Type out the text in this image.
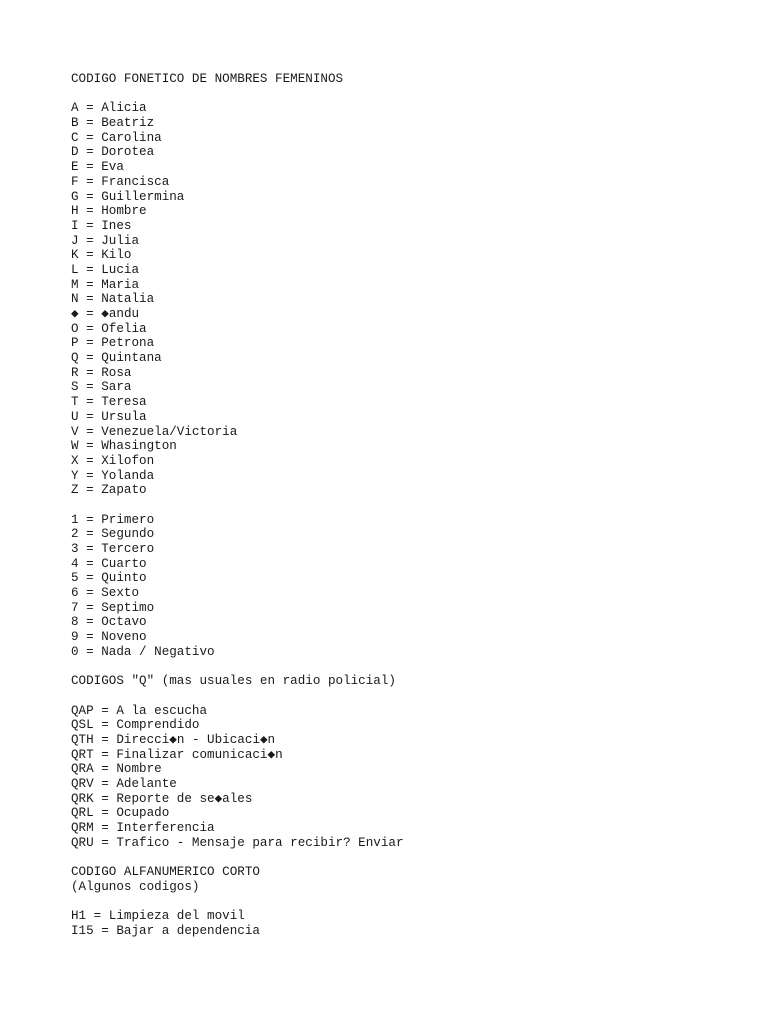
CODIGO FONETICO DE NOMBRES FEMENINOS
A = Alicia
B = Beatriz
C = Carolina
D = Dorotea
E = Eva
F = Francisca
G = Guillermina
H = Hombre
I = Ines
J = Julia
K = Kilo
L = Lucia
M = Maria
N = Natalia
◆ = ◆andu
O = Ofelia
P = Petrona
Q = Quintana
R = Rosa
S = Sara
T = Teresa
U = Ursula
V = Venezuela/Victoria
W = Whasington
X = Xilofon
Y = Yolanda
Z = Zapato
1 = Primero
2 = Segundo
3 = Tercero
4 = Cuarto
5 = Quinto
6 = Sexto
7 = Septimo
8 = Octavo
9 = Noveno
0 = Nada / Negativo
CODIGOS "Q" (mas usuales en radio policial)
QAP = A la escucha
QSL = Comprendido
QTH = Direcci◆n - Ubicaci◆n
QRT = Finalizar comunicaci◆n
QRA = Nombre
QRV = Adelante
QRK = Reporte de se◆ales
QRL = Ocupado
QRM = Interferencia
QRU = Trafico - Mensaje para recibir? Enviar
CODIGO ALFANUMERICO CORTO
(Algunos codigos)
H1 = Limpieza del movil
I15 = Bajar a dependencia
